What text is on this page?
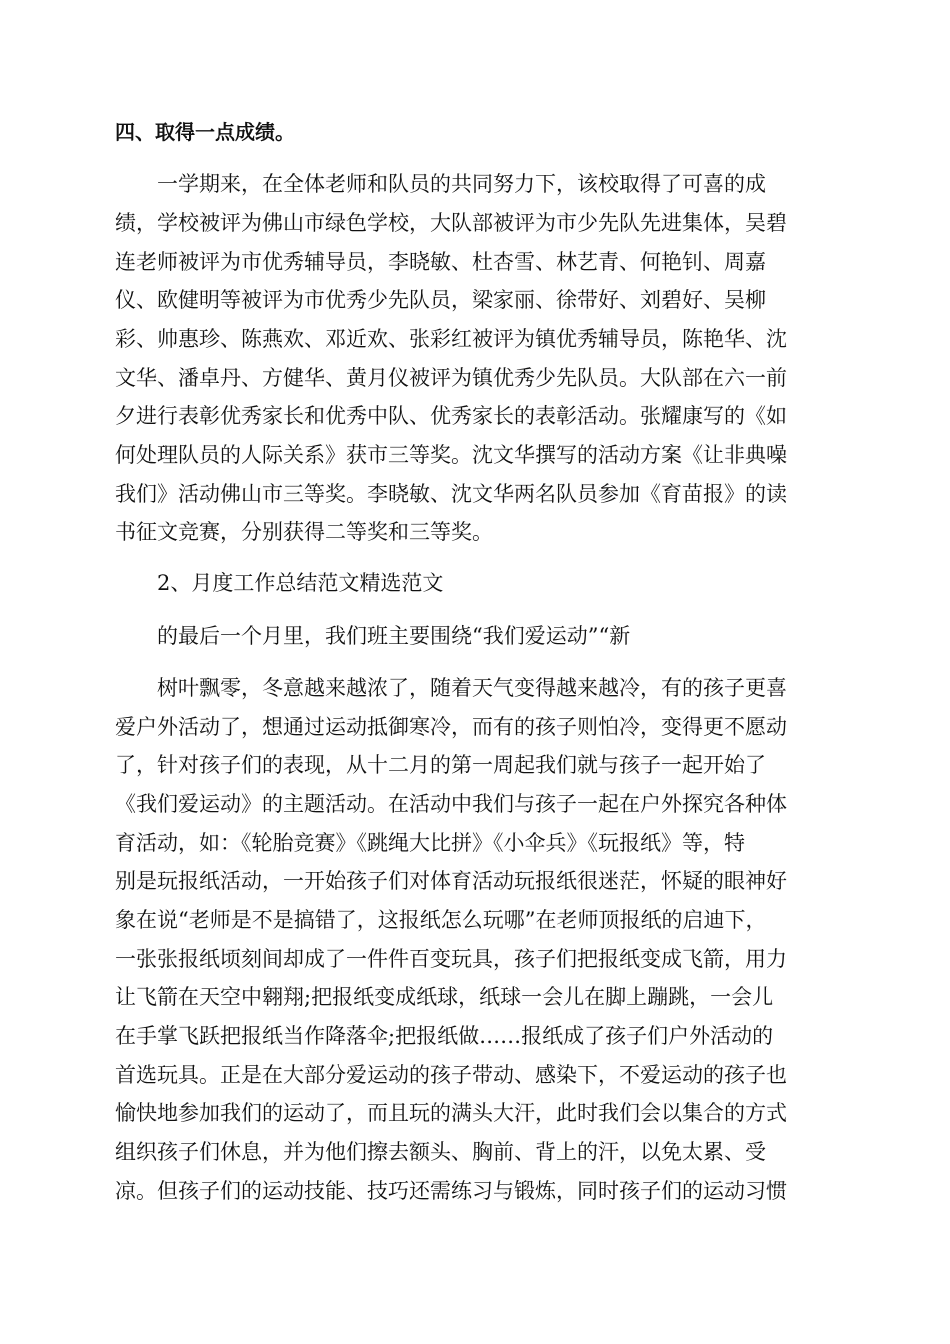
四、取得一点成绩。
一学期来，在全体老师和队员的共同努力下，该校取得了可喜的成
绩，学校被评为佛山市绿色学校，大队部被评为市少先队先进集体，吴碧
连老师被评为市优秀辅导员，李晓敏、杜杏雪、林艺青、何艳钊、周嘉
仪、欧健明等被评为市优秀少先队员，梁家丽、徐带好、刘碧好、吴柳
彩、帅惠珍、陈燕欢、邓近欢、张彩红被评为镇优秀辅导员，陈艳华、沈
文华、潘卓丹、方健华、黄月仪被评为镇优秀少先队员。大队部在六一前
夕进行表彰优秀家长和优秀中队、优秀家长的表彰活动。张耀康写的《如
何处理队员的人际关系》获市三等奖。沈文华撰写的活动方案《让非典噪
我们》活动佛山市三等奖。李晓敏、沈文华两名队员参加《育苗报》的读
书征文竞赛，分别获得二等奖和三等奖。
2、月度工作总结范文精选范文
的最后一个月里，我们班主要围绕“我们爱运动”“新
树叶飘零，冬意越来越浓了，随着天气变得越来越冷，有的孩子更喜
爱户外活动了，想通过运动抵御寒冷，而有的孩子则怕冷，变得更不愿动
了，针对孩子们的表现，从十二月的第一周起我们就与孩子一起开始了
《我们爱运动》的主题活动。在活动中我们与孩子一起在户外探究各种体
育活动，如：《轮胎竞赛》《跳绳大比拼》《小伞兵》《玩报纸》等，特
别是玩报纸活动，一开始孩子们对体育活动玩报纸很迷茫，怀疑的眼神好
象在说“老师是不是搞错了，这报纸怎么玩哪”在老师顶报纸的启迪下，
一张张报纸顷刻间却成了一件件百变玩具，孩子们把报纸变成飞箭，用力
让飞箭在天空中翱翔;把报纸变成纸球，纸球一会儿在脚上蹦跳，一会儿
在手掌飞跃把报纸当作降落伞;把报纸做……报纸成了孩子们户外活动的
首选玩具。正是在大部分爱运动的孩子带动、感染下，不爱运动的孩子也
愉快地参加我们的运动了，而且玩的满头大汗，此时我们会以集合的方式
组织孩子们休息，并为他们擦去额头、胸前、背上的汗，以免太累、受
凉。但孩子们的运动技能、技巧还需练习与锻炼，同时孩子们的运动习惯
